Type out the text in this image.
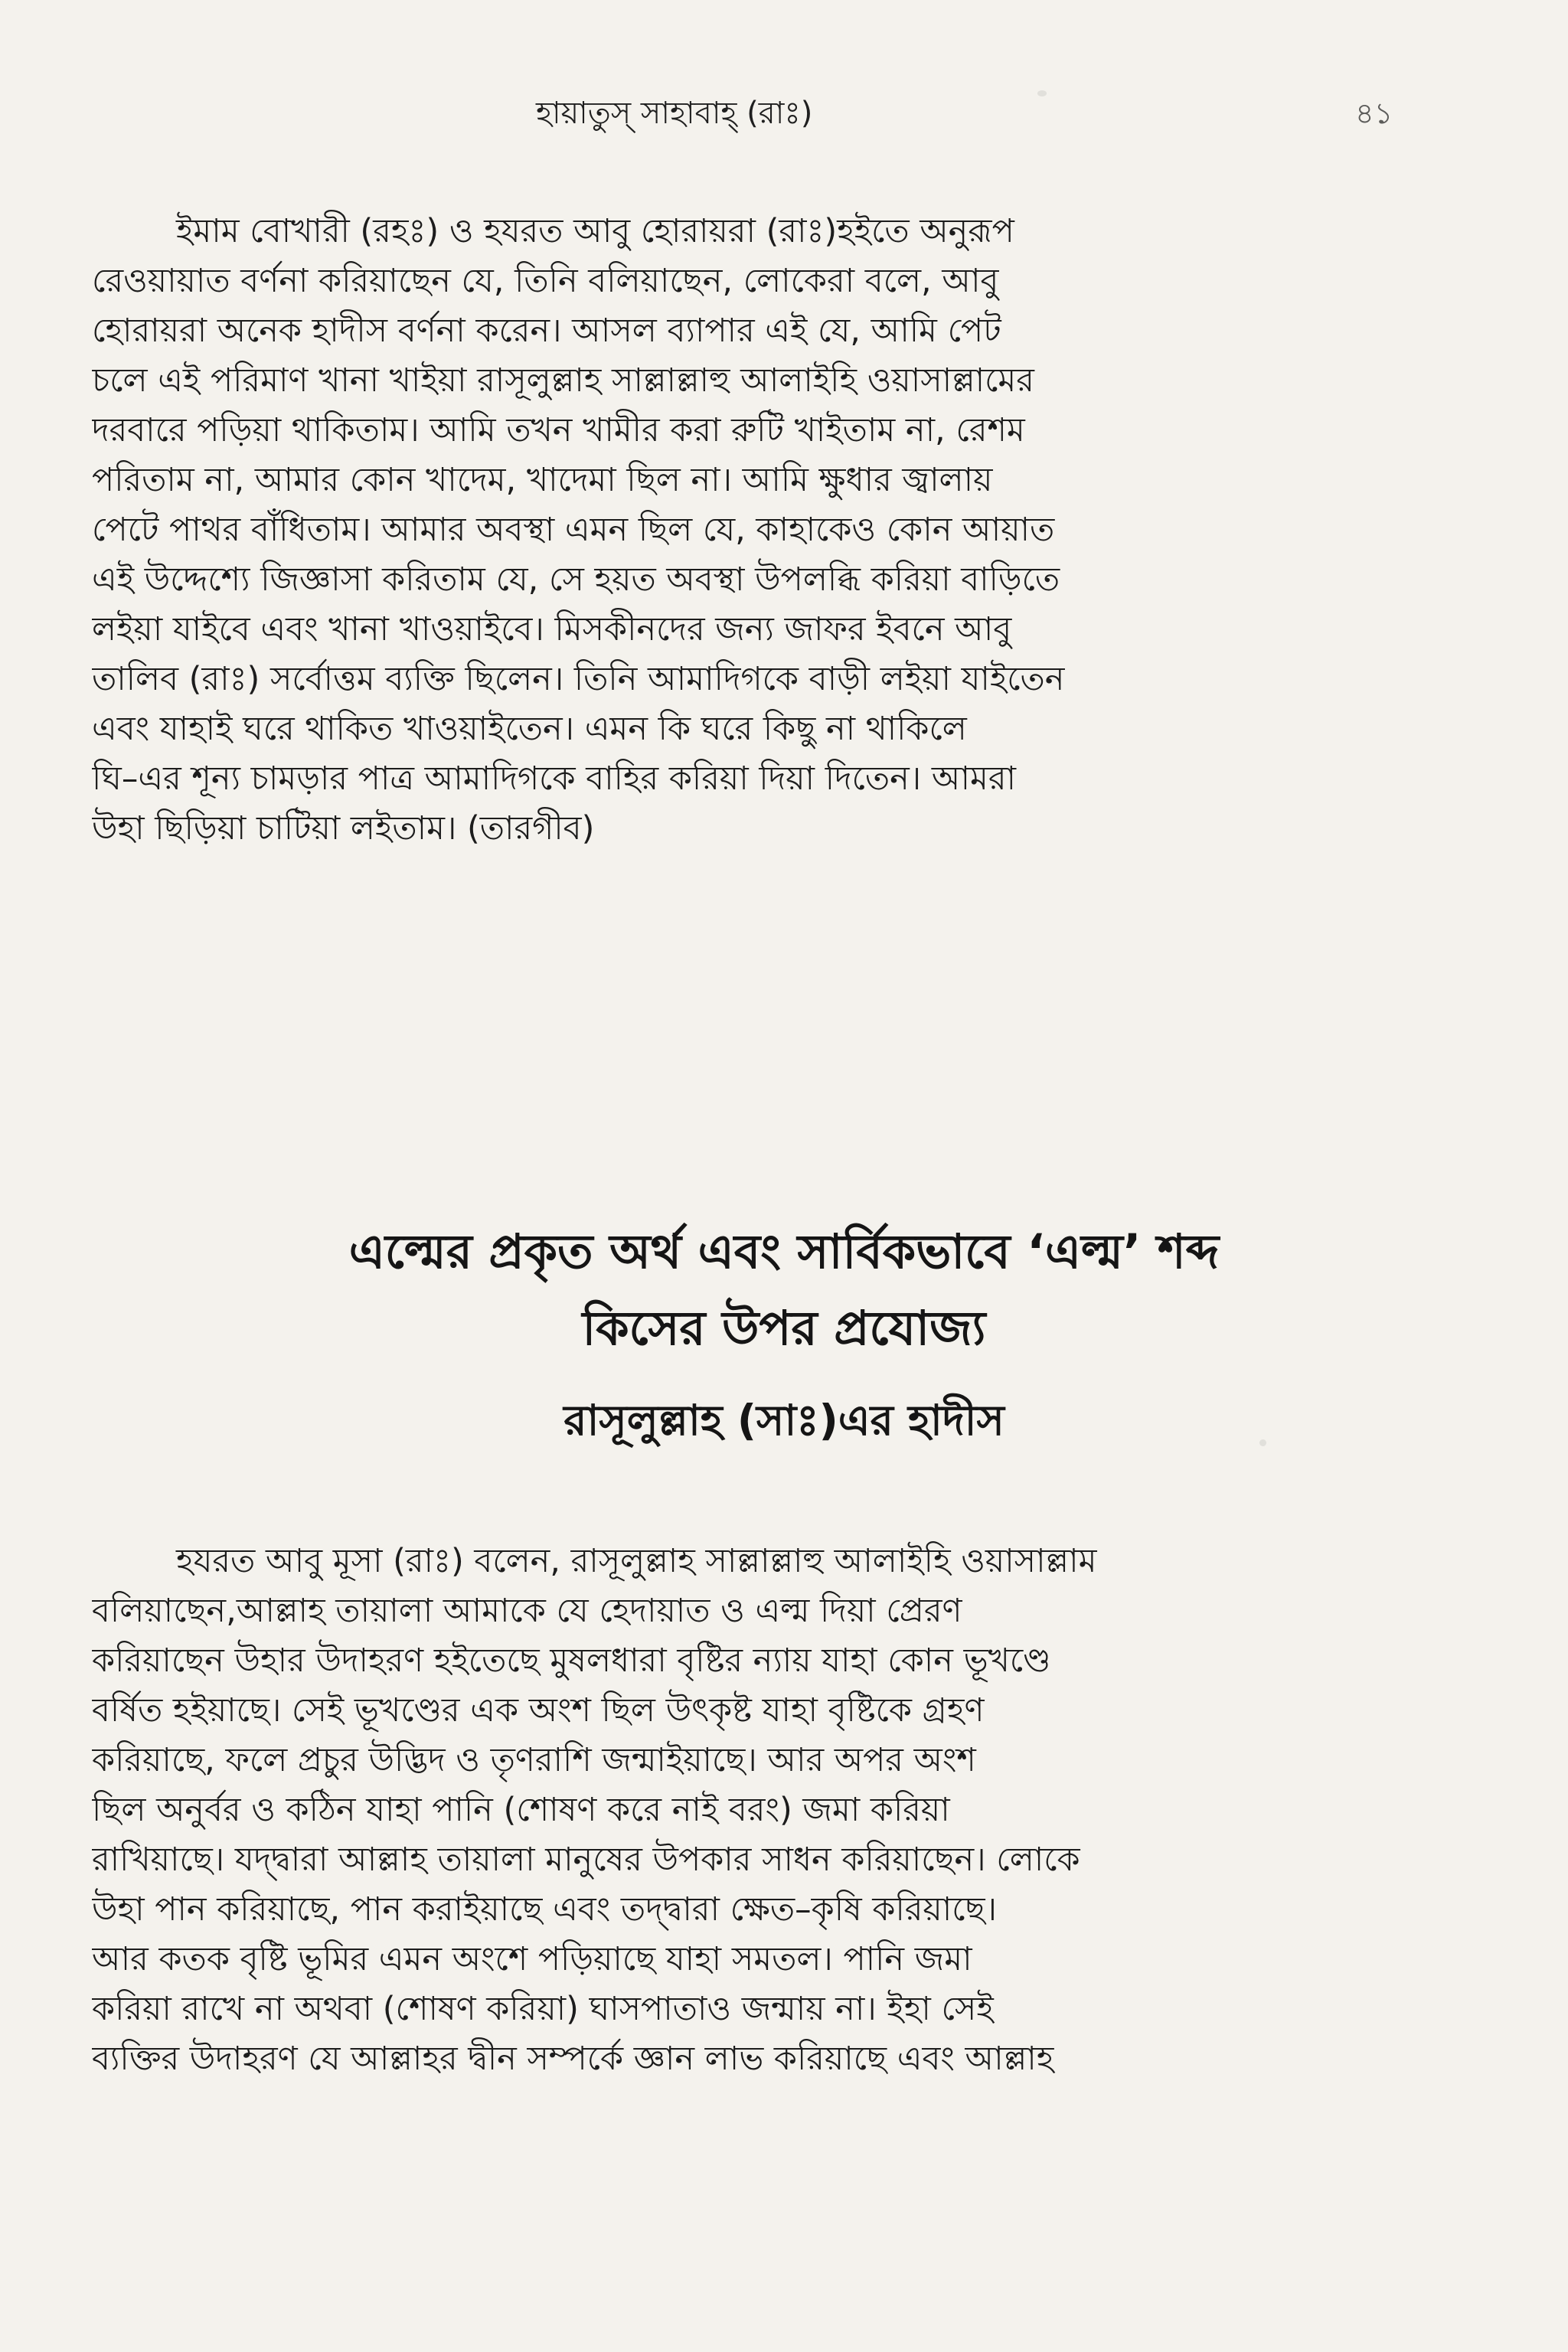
হায়াতুস্ সাহাবাহ্ (রাঃ)	৪১

ইমাম বোখারী (রহঃ) ও হযরত আবু হোরায়রা (রাঃ)হইতে অনুরূপ
রেওয়ায়াত বর্ণনা করিয়াছেন যে, তিনি বলিয়াছেন, লোকেরা বলে, আবু
হোরায়রা অনেক হাদীস বর্ণনা করেন। আসল ব্যাপার এই যে, আমি পেট
চলে এই পরিমাণ খানা খাইয়া রাসূলুল্লাহ সাল্লাল্লাহু আলাইহি ওয়াসাল্লামের
দরবারে পড়িয়া থাকিতাম। আমি তখন খামীর করা রুটি খাইতাম না, রেশম
পরিতাম না, আমার কোন খাদেম, খাদেমা ছিল না। আমি ক্ষুধার জ্বালায়
পেটে পাথর বাঁধিতাম। আমার অবস্থা এমন ছিল যে, কাহাকেও কোন আয়াত
এই উদ্দেশ্যে জিজ্ঞাসা করিতাম যে, সে হয়ত অবস্থা উপলব্ধি করিয়া বাড়িতে
লইয়া যাইবে এবং খানা খাওয়াইবে। মিসকীনদের জন্য জাফর ইবনে আবু
তালিব (রাঃ) সর্বোত্তম ব্যক্তি ছিলেন। তিনি আমাদিগকে বাড়ী লইয়া যাইতেন
এবং যাহাই ঘরে থাকিত খাওয়াইতেন। এমন কি ঘরে কিছু না থাকিলে
ঘি–এর শূন্য চামড়ার পাত্র আমাদিগকে বাহির করিয়া দিয়া দিতেন। আমরা
উহা ছিড়িয়া চাটিয়া লইতাম। (তারগীব)

এল্মের প্রকৃত অর্থ এবং সার্বিকভাবে ‘এল্ম’ শব্দ
কিসের উপর প্রযোজ্য
রাসূলুল্লাহ (সাঃ)এর হাদীস

হযরত আবু মূসা (রাঃ) বলেন, রাসূলুল্লাহ সাল্লাল্লাহু আলাইহি ওয়াসাল্লাম
বলিয়াছেন,আল্লাহ তায়ালা আমাকে যে হেদায়াত ও এল্ম দিয়া প্রেরণ
করিয়াছেন উহার উদাহরণ হইতেছে মুষলধারা বৃষ্টির ন্যায় যাহা কোন ভূখণ্ডে
বর্ষিত হইয়াছে। সেই ভূখণ্ডের এক অংশ ছিল উৎকৃষ্ট যাহা বৃষ্টিকে গ্রহণ
করিয়াছে, ফলে প্রচুর উদ্ভিদ ও তৃণরাশি জন্মাইয়াছে। আর অপর অংশ
ছিল অনুর্বর ও কঠিন যাহা পানি (শোষণ করে নাই বরং) জমা করিয়া
রাখিয়াছে। যদ্দ্বারা আল্লাহ তায়ালা মানুষের উপকার সাধন করিয়াছেন। লোকে
উহা পান করিয়াছে, পান করাইয়াছে এবং তদ্দ্বারা ক্ষেত–কৃষি করিয়াছে।
আর কতক বৃষ্টি ভূমির এমন অংশে পড়িয়াছে যাহা সমতল। পানি জমা
করিয়া রাখে না অথবা (শোষণ করিয়া) ঘাসপাতাও জন্মায় না। ইহা সেই
ব্যক্তির উদাহরণ যে আল্লাহর দ্বীন সম্পর্কে জ্ঞান লাভ করিয়াছে এবং আল্লাহ
